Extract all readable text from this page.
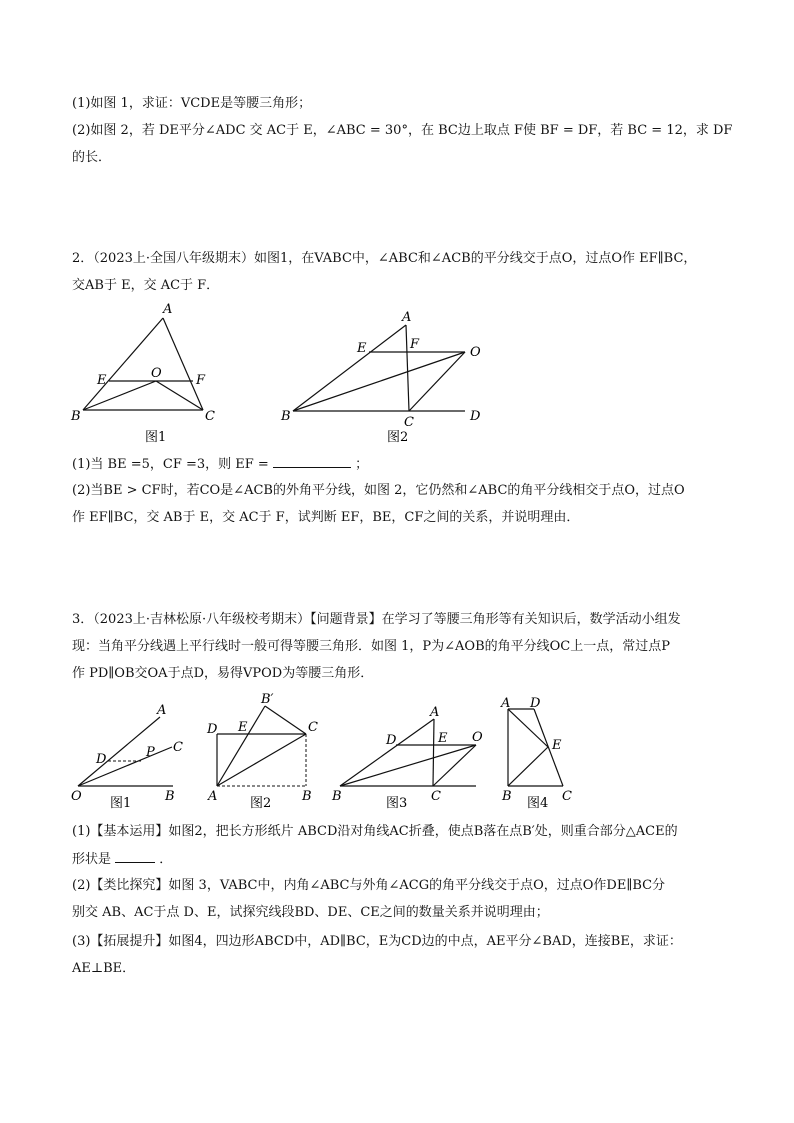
(1)如图 1，求证：VCDE是等腰三角形；
(2)如图 2，若 DE平分∠ADC 交 AC于 E，∠ABC = 30°，在 BC边上取点 F使 BF = DF，若 BC = 12，求 DF
的长．
2．（2023上·全国八年级期末）如图1，在VABC中，∠ABC和∠ACB的平分线交于点O，过点O作 EF∥BC，
交AB于 E，交 AC于 F．
A
E	O	F
B	C
图1
A
E	F
O
B	C	D
图2
A
C
D	P
O	B
图1
B′
D E	C
A	B
图2
A
D	E O
B	C
图3
A D
E
B	C
图4
(1)当 BE =5，CF =3，则 EF =	；
(2)当BE > CF时，若CO是∠ACB的外角平分线，如图 2，它仍然和∠ABC的角平分线相交于点O，过点O
作 EF∥BC，交 AB于 E，交 AC于 F，试判断 EF，BE，CF之间的关系，并说明理由．
3．（2023上·吉林松原·八年级校考期末）【问题背景】在学习了等腰三角形等有关知识后，数学活动小组发
现：当角平分线遇上平行线时一般可得等腰三角形．如图 1，P为∠AOB的角平分线OC上一点，常过点P
作 PD∥OB交OA于点D，易得VPOD为等腰三角形．
(1)【基本运用】如图2，把长方形纸片 ABCD沿对角线AC折叠，使点B落在点B′处，则重合部分△ACE的
形状是	．
(2)【类比探究】如图 3，VABC中，内角∠ABC与外角∠ACG的角平分线交于点O，过点O作DE∥BC分
别交 AB、AC于点 D、E，试探究线段BD、DE、CE之间的数量关系并说明理由；
(3)【拓展提升】如图4，四边形ABCD中，AD∥BC，E为CD边的中点，AE平分∠BAD，连接BE，求证：
AE⊥BE．
